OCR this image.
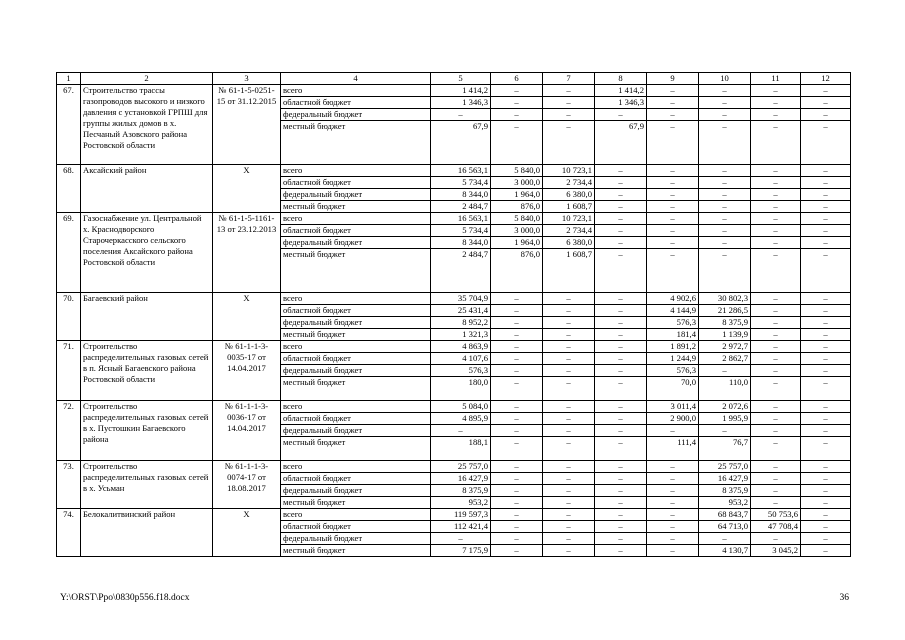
1	2	3	4	5	6	7	8	9	10	11	12
67.	Строительство трассы газопроводов высокого и низкого давления с установкой ГРПШ для группы жилых домов в х. Песчаный Азовского района Ростовской области	№ 61-1-5-0251-15 от 31.12.2015	всего	1 414,2	–	–	1 414,2	–	–	–	–
			областной бюджет	1 346,3	–	–	1 346,3	–	–	–	–
			федеральный бюджет	–	–	–	–	–	–	–	–
			местный бюджет	67,9	–	–	67,9	–	–	–	–
68.	Аксайский район	Х	всего	16 563,1	5 840,0	10 723,1	–	–	–	–	–
			областной бюджет	5 734,4	3 000,0	2 734,4	–	–	–	–	–
			федеральный бюджет	8 344,0	1 964,0	6 380,0	–	–	–	–	–
			местный бюджет	2 484,7	876,0	1 608,7	–	–	–	–	–
69.	Газоснабжение ул. Центральной х. Краснодворского Старочеркасского сельского поселения Аксайского района Ростовской области	№ 61-1-5-1161-13 от 23.12.2013	всего	16 563,1	5 840,0	10 723,1	–	–	–	–	–
			областной бюджет	5 734,4	3 000,0	2 734,4	–	–	–	–	–
			федеральный бюджет	8 344,0	1 964,0	6 380,0	–	–	–	–	–
			местный бюджет	2 484,7	876,0	1 608,7	–	–	–	–	–
70.	Багаевский район	Х	всего	35 704,9	–	–	–	4 902,6	30 802,3	–	–
			областной бюджет	25 431,4	–	–	–	4 144,9	21 286,5	–	–
			федеральный бюджет	8 952,2	–	–	–	576,3	8 375,9	–	–
			местный бюджет	1 321,3	–	–	–	181,4	1 139,9	–	–
71.	Строительство распределительных газовых сетей в п. Ясный Багаевского района Ростовской области	№ 61-1-1-3-0035-17 от 14.04.2017	всего	4 863,9	–	–	–	1 891,2	2 972,7	–	–
			областной бюджет	4 107,6	–	–	–	1 244,9	2 862,7	–	–
			федеральный бюджет	576,3	–	–	–	576,3	–	–	–
			местный бюджет	180,0	–	–	–	70,0	110,0	–	–
72.	Строительство распределительных газовых сетей в х. Пустошкин Багаевского района	№ 61-1-1-3-0036-17 от 14.04.2017	всего	5 084,0	–	–	–	3 011,4	2 072,6	–	–
			областной бюджет	4 895,9	–	–	–	2 900,0	1 995,9	–	–
			федеральный бюджет	–	–	–	–	–	–	–	–
			местный бюджет	188,1	–	–	–	111,4	76,7	–	–
73.	Строительство распределительных газовых сетей в х. Усьман	№ 61-1-1-3-0074-17 от 18.08.2017	всего	25 757,0	–	–	–	–	25 757,0	–	–
			областной бюджет	16 427,9	–	–	–	–	16 427,9	–	–
			федеральный бюджет	8 375,9	–	–	–	–	8 375,9	–	–
			местный бюджет	953,2	–	–	–	–	953,2	–	–
74.	Белокалитвинский район	Х	всего	119 597,3	–	–	–	–	68 843,7	50 753,6	–
			областной бюджет	112 421,4	–	–	–	–	64 713,0	47 708,4	–
			федеральный бюджет	–	–	–	–	–	–	–	–
			местный бюджет	7 175,9	–	–	–	–	4 130,7	3 045,2	–
Y:\ORST\Ppo\0830p556.f18.docx	36
